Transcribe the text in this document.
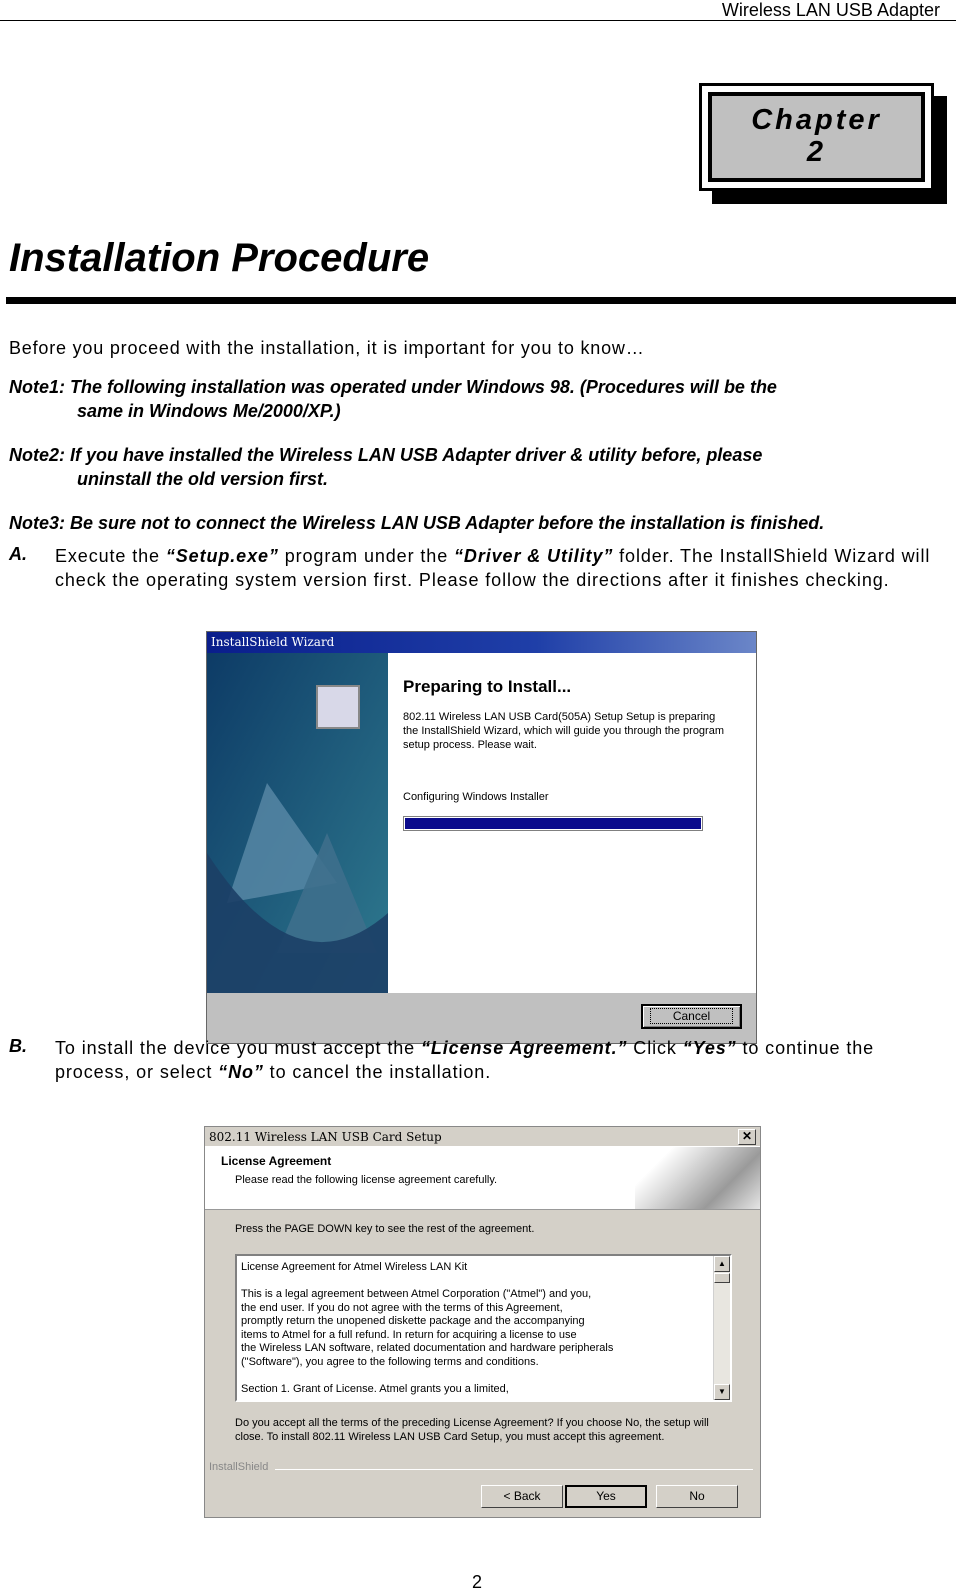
Wireless LAN USB Adapter
Chapter
2
Installation Procedure
Before you proceed with the installation, it is important for you to know…
Note1: The following installation was operated under Windows 98. (Procedures will be the
same in Windows Me/2000/XP.)
Note2: If you have installed the Wireless LAN USB Adapter driver & utility before, please
uninstall the old version first.
Note3: Be sure not to connect the Wireless LAN USB Adapter before the installation is finished.
A. Execute the “Setup.exe” program under the “Driver & Utility” folder. The InstallShield Wizard will check the operating system version first. Please follow the directions after it finishes checking.
InstallShield Wizard
Preparing to Install...
802.11 Wireless LAN USB Card(505A) Setup Setup is preparing the InstallShield Wizard, which will guide you through the program setup process. Please wait.
Configuring Windows Installer
Cancel
B. To install the device you must accept the “License Agreement.” Click “Yes” to continue the process, or select “No” to cancel the installation.
802.11 Wireless LAN USB Card Setup	✕
License Agreement
Please read the following license agreement carefully.
Press the PAGE DOWN key to see the rest of the agreement.
License Agreement for Atmel Wireless LAN Kit

This is a legal agreement between Atmel Corporation ("Atmel") and you,
the end user. If you do not agree with the terms of this Agreement,
promptly return the unopened diskette package and the accompanying
items to Atmel for a full refund. In return for acquiring a license to use
the Wireless LAN software, related documentation and hardware peripherals
("Software"), you agree to the following terms and conditions.

Section 1. Grant of License. Atmel grants you a limited,
▲
▼
Do you accept all the terms of the preceding License Agreement? If you choose No, the setup will close. To install 802.11 Wireless LAN USB Card Setup, you must accept this agreement.
InstallShield
< Back	Yes	No
2
